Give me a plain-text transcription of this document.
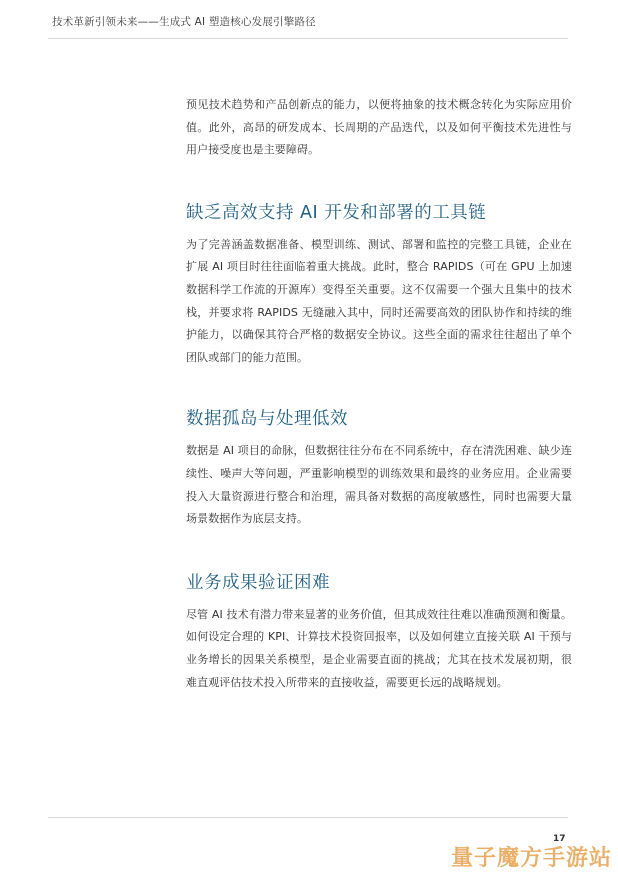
技术革新引领未来——生成式 AI 塑造核心发展引擎路径

预见技术趋势和产品创新点的能力，以便将抽象的技术概念转化为实际应用价值。此外，高昂的研发成本、长周期的产品迭代，以及如何平衡技术先进性与用户接受度也是主要障碍。

缺乏高效支持 AI 开发和部署的工具链

为了完善涵盖数据准备、模型训练、测试、部署和监控的完整工具链，企业在扩展 AI 项目时往往面临着重大挑战。此时，整合 RAPIDS（可在 GPU 上加速数据科学工作流的开源库）变得至关重要。这不仅需要一个强大且集中的技术栈，并要求将 RAPIDS 无缝融入其中，同时还需要高效的团队协作和持续的维护能力，以确保其符合严格的数据安全协议。这些全面的需求往往超出了单个团队或部门的能力范围。

数据孤岛与处理低效

数据是 AI 项目的命脉，但数据往往分布在不同系统中，存在清洗困难、缺少连续性、噪声大等问题，严重影响模型的训练效果和最终的业务应用。企业需要投入大量资源进行整合和治理，需具备对数据的高度敏感性，同时也需要大量场景数据作为底层支持。

业务成果验证困难

尽管 AI 技术有潜力带来显著的业务价值，但其成效往往难以准确预测和衡量。如何设定合理的 KPI、计算技术投资回报率，以及如何建立直接关联 AI 干预与业务增长的因果关系模型，是企业需要直面的挑战；尤其在技术发展初期，很难直观评估技术投入所带来的直接收益，需要更长远的战略规划。

17
量子魔方手游站
